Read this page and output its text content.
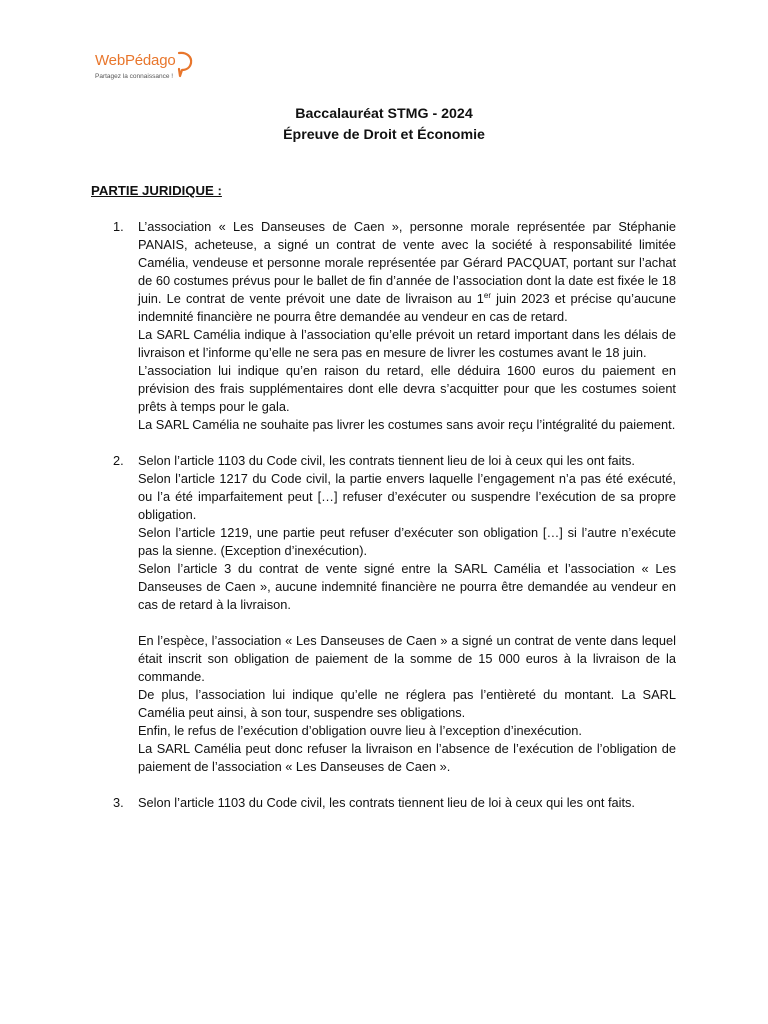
WebPédago
Partagez la connaissance !
Baccalauréat STMG - 2024
Épreuve de Droit et Économie
PARTIE JURIDIQUE :
1. L’association « Les Danseuses de Caen », personne morale représentée par Stéphanie PANAIS, acheteuse, a signé un contrat de vente avec la société à responsabilité limitée Camélia, vendeuse et personne morale représentée par Gérard PACQUAT, portant sur l’achat de 60 costumes prévus pour le ballet de fin d’année de l’association dont la date est fixée le 18 juin. Le contrat de vente prévoit une date de livraison au 1er juin 2023 et précise qu’aucune indemnité financière ne pourra être demandée au vendeur en cas de retard.

La SARL Camélia indique à l’association qu’elle prévoit un retard important dans les délais de livraison et l’informe qu’elle ne sera pas en mesure de livrer les costumes avant le 18 juin.

L’association lui indique qu’en raison du retard, elle déduira 1600 euros du paiement en prévision des frais supplémentaires dont elle devra s’acquitter pour que les costumes soient prêts à temps pour le gala.

La SARL Camélia ne souhaite pas livrer les costumes sans avoir reçu l’intégralité du paiement.

2. Selon l’article 1103 du Code civil, les contrats tiennent lieu de loi à ceux qui les ont faits.

Selon l’article 1217 du Code civil, la partie envers laquelle l’engagement n’a pas été exécuté, ou l’a été imparfaitement peut […] refuser d’exécuter ou suspendre l’exécution de sa propre obligation.

Selon l’article 1219, une partie peut refuser d’exécuter son obligation […] si l’autre n’exécute pas la sienne. (Exception d’inexécution).

Selon l’article 3 du contrat de vente signé entre la SARL Camélia et l’association « Les Danseuses de Caen », aucune indemnité financière ne pourra être demandée au vendeur en cas de retard à la livraison.

En l’espèce, l’association « Les Danseuses de Caen » a signé un contrat de vente dans lequel était inscrit son obligation de paiement de la somme de 15 000 euros à la livraison de la commande.

De plus, l’association lui indique qu’elle ne réglera pas l’entièreté du montant. La SARL Camélia peut ainsi, à son tour, suspendre ses obligations.

Enfin, le refus de l’exécution d’obligation ouvre lieu à l’exception d’inexécution.

La SARL Camélia peut donc refuser la livraison en l’absence de l’exécution de l’obligation de paiement de l’association « Les Danseuses de Caen ».

3. Selon l’article 1103 du Code civil, les contrats tiennent lieu de loi à ceux qui les ont faits.
